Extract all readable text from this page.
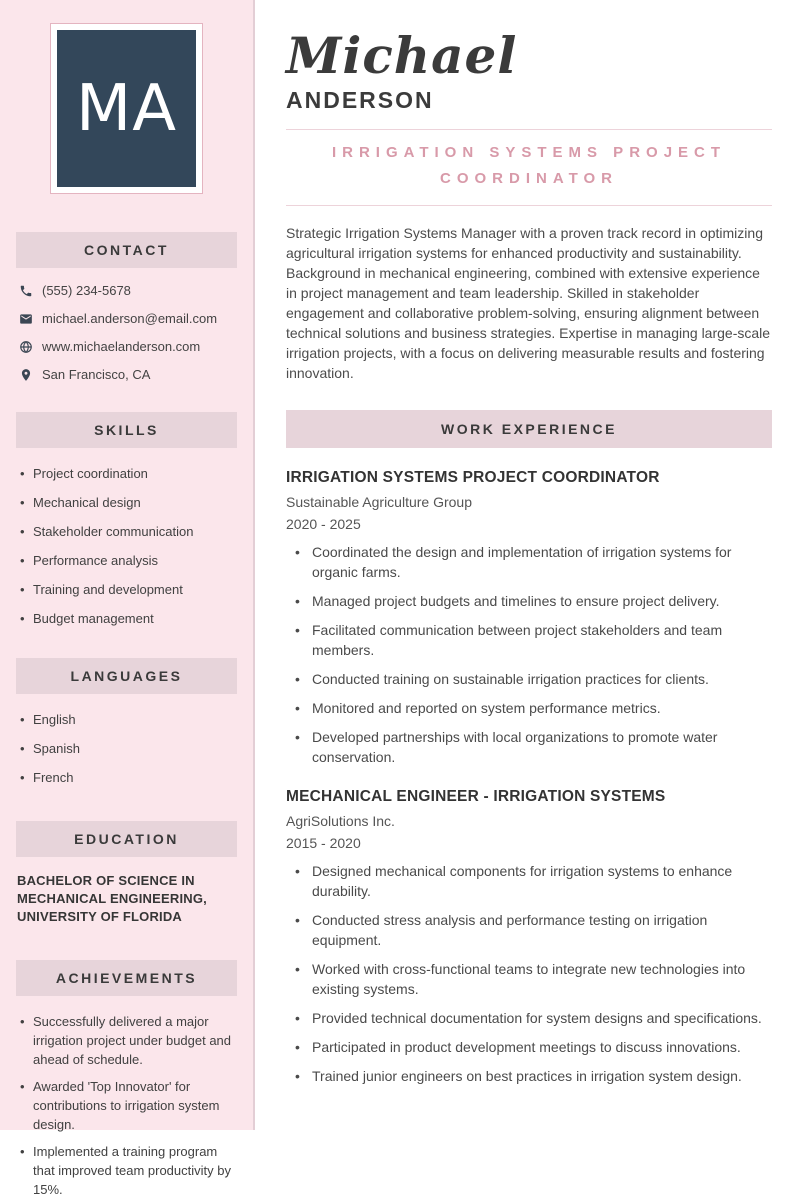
MA
CONTACT
(555) 234-5678
michael.anderson@email.com
www.michaelanderson.com
San Francisco, CA
SKILLS
• Project coordination
• Mechanical design
• Stakeholder communication
• Performance analysis
• Training and development
• Budget management
LANGUAGES
• English
• Spanish
• French
EDUCATION
BACHELOR OF SCIENCE IN MECHANICAL ENGINEERING, UNIVERSITY OF FLORIDA
ACHIEVEMENTS
• Successfully delivered a major irrigation project under budget and ahead of schedule.
• Awarded 'Top Innovator' for contributions to irrigation system design.
• Implemented a training program that improved team productivity by 15%.
Michael
ANDERSON
IRRIGATION SYSTEMS PROJECT COORDINATOR

Strategic Irrigation Systems Manager with a proven track record in optimizing agricultural irrigation systems for enhanced productivity and sustainability. Background in mechanical engineering, combined with extensive experience in project management and team leadership. Skilled in stakeholder engagement and collaborative problem-solving, ensuring alignment between technical solutions and business strategies. Expertise in managing large-scale irrigation projects, with a focus on delivering measurable results and fostering innovation.

WORK EXPERIENCE
IRRIGATION SYSTEMS PROJECT COORDINATOR
Sustainable Agriculture Group
2020 - 2025
• Coordinated the design and implementation of irrigation systems for organic farms.
• Managed project budgets and timelines to ensure project delivery.
• Facilitated communication between project stakeholders and team members.
• Conducted training on sustainable irrigation practices for clients.
• Monitored and reported on system performance metrics.
• Developed partnerships with local organizations to promote water conservation.
MECHANICAL ENGINEER - IRRIGATION SYSTEMS
AgriSolutions Inc.
2015 - 2020
• Designed mechanical components for irrigation systems to enhance durability.
• Conducted stress analysis and performance testing on irrigation equipment.
• Worked with cross-functional teams to integrate new technologies into existing systems.
• Provided technical documentation for system designs and specifications.
• Participated in product development meetings to discuss innovations.
• Trained junior engineers on best practices in irrigation system design.
